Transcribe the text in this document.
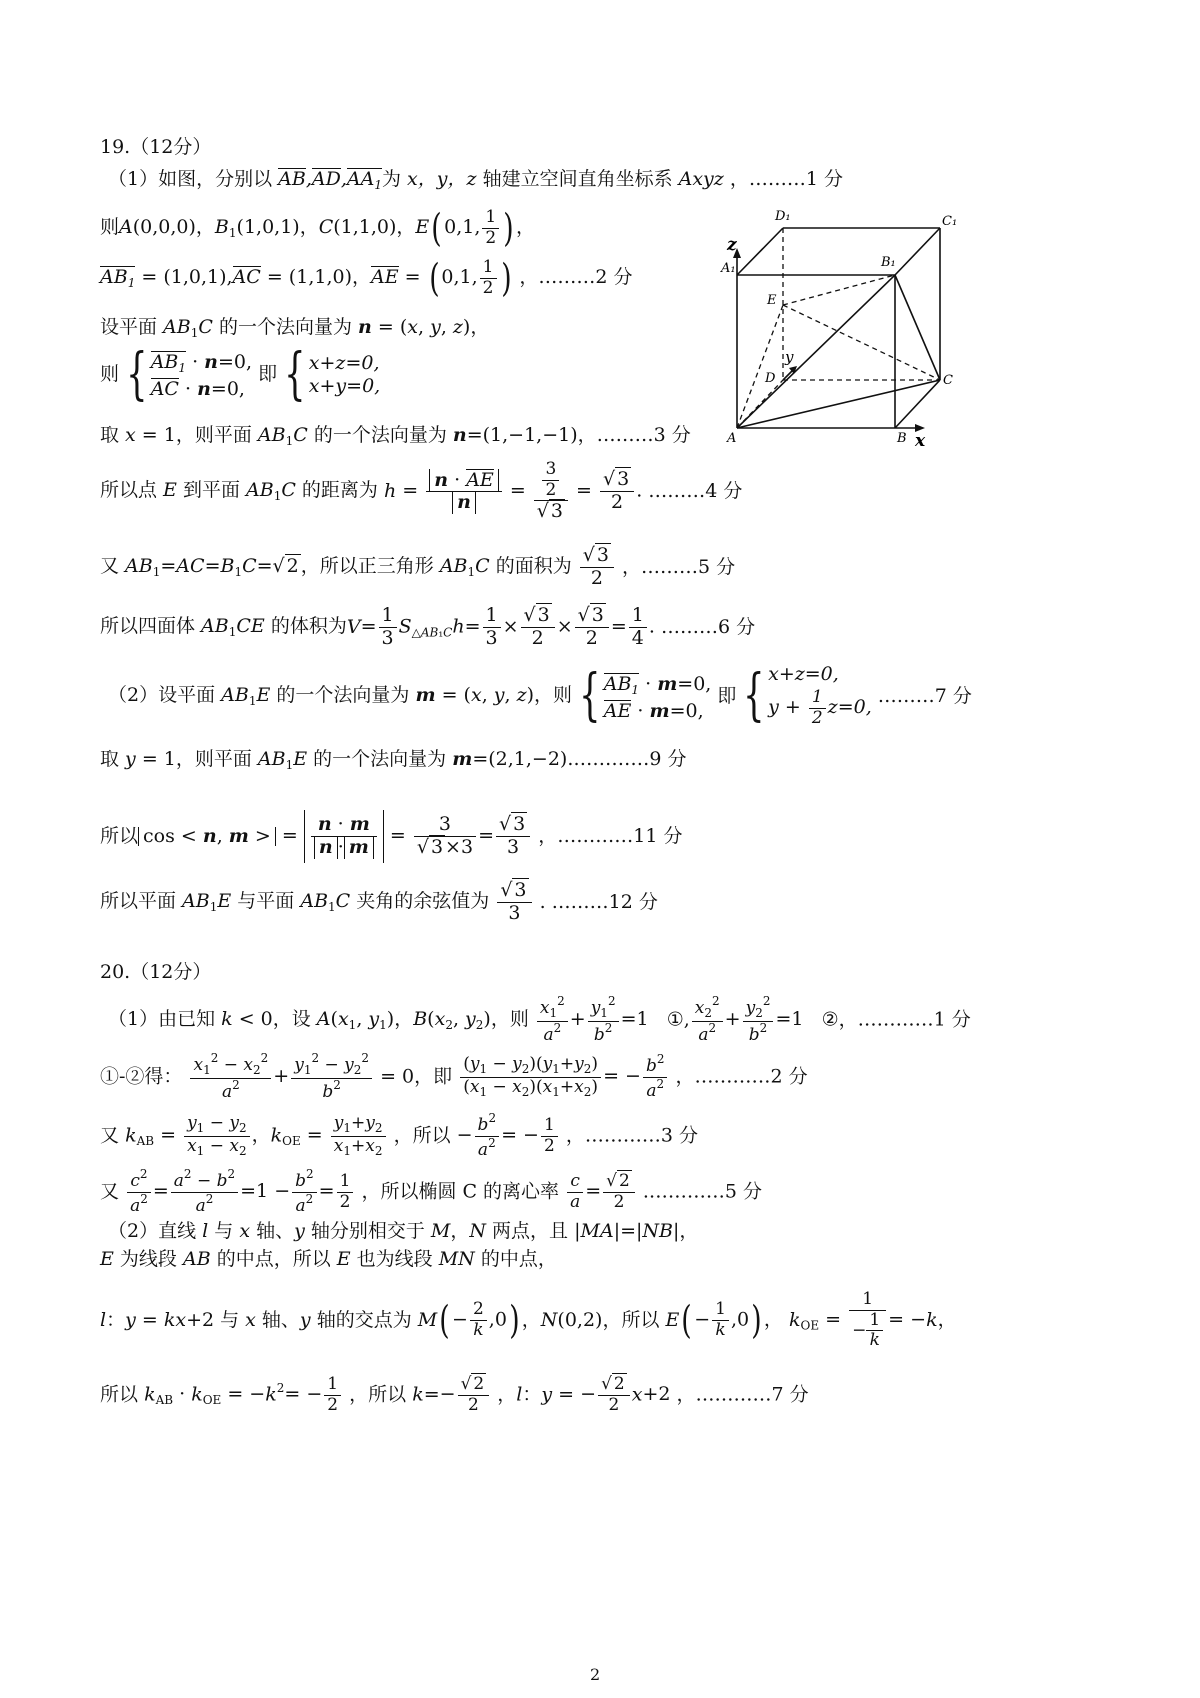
19.（12分）
（1）如图，分别以 $AB,AD,AA_1$为 x，y，z 轴建立空间直角坐标系 Axyz ，………1 分
则A(0,0,0)，$B_1(1,0,1)$，C(1,1,0)，E( 0,1, $\frac{1}{2}$ ) ，
$AB_1 = (1,0,1),AC = (1,1,0)$，AE = ( 0,1, $\frac{1}{2}$ ) ，………2 分
设平面 $AB_1C$ 的一个法向量为 n = (x, y, z)，
则 { $AB_1 \cdot n=0$,
AC · n=0,
即 { x+z=0,
x+y=0,
取 x = 1，则平面 $AB_1C$ 的一个法向量为 n=(1,−1,−1)，………3 分
所以点 E 到平面 $AB_1C$ 的距离为 $h = \frac{n \cdot AE}{n} = \frac{\frac{3}{2}}{√ 3} = \frac{√ 3}{2}$ . ………4 分
又 $AB_1=AC=B_1C=√$ 2 ，所以正三角形 $AB_1C$ 的面积为 $\frac{√ 3}{2}$ ，………5 分
所以四面体 $AB_1CE$ 的体积为$V= \frac{1}{3} S_{\triangle AB_1C}h= \frac{1}{3} \times \frac{√ 3}{2} \times \frac{√ 3}{2} = \frac{1}{4}$ . ………6 分
（2）设平面 $AB_1E$ 的一个法向量为 m = (x, y, z)，则 { $AB_1 \cdot m=0$,
AE · m=0,
即 { x+z=0,
$y + \frac{1}{2} z=0$, ………7 分
取 y = 1，则平面 $AB_1E$ 的一个法向量为 m=(2,1,−2).…………9 分
所以 cos < n, m > = $\frac{n \cdot m}{n \cdot m} = \frac{3}{√ 3 \times 3} = \frac{√ 3}{3}$ ，…………11 分
所以平面 $AB_1E$ 与平面 $AB_1C$ 夹角的余弦值为 $\frac{√ 3}{3}$ . ………12 分
D₁	C₁
z
A₁	B₁
E
y
D	C
A	B x
20.（12分）
（1）由已知 k < 0，设 $A(x_1$, $y_1$)，$B(x_2$, $y_2$)，则 $\frac{x_1^2}{a^2} + \frac{y_1^2}{b^2} =1$   ①, $\frac{x_2^2}{a^2} + \frac{y_2^2}{b^2} =1$   ②，…………1 分
①-②得： $\frac{x_1^2 - x_2^2}{a^2} + \frac{y_1^2 - y_2^2}{b^2} = 0$，即 $\frac{(y_1 - y_2)(y_1+y_2)}{(x_1 - x_2)(x_1+x_2)}$ = − $\frac{b^2}{a^2}$ ，…………2 分
又 $k_{AB} = \frac{y_1 - y_2}{x_1 - x_2}$ ，$k_{OE} = \frac{y_1+y_2}{x_1+x_2}$ ，所以 − $\frac{b^2}{a^2}$ = − $\frac{1}{2}$ ，…………3 分
又 $\frac{c^2}{a^2} = \frac{a^2 - b^2}{a^2} =1 - \frac{b^2}{a^2} = \frac{1}{2}$ ，所以椭圆 C 的离心率 $\frac{c}{a} = \frac{√ 2}{2}$ .…………5 分
（2）直线 l 与 x 轴、y 轴分别相交于 M，N 两点，且 |MA|=|NB|，
E 为线段 AB 的中点，所以 E 也为线段 MN 的中点，
l：y = kx+2 与 x 轴、y 轴的交点为 $M( - \frac{2}{k} ,0)$ ，N(0,2)，所以 $E( - \frac{1}{k} ,0)$ ， $k_{OE} = \frac{1}{- \frac{1}{k}} = -k$，
所以 $k_{AB} \cdot k_{OE} = -k^2= - \frac{1}{2}$ ，所以 $k=- \frac{√ 2}{2}$ ，l：y = − $\frac{√ 2}{2} x+2$ ，…………7 分
2
